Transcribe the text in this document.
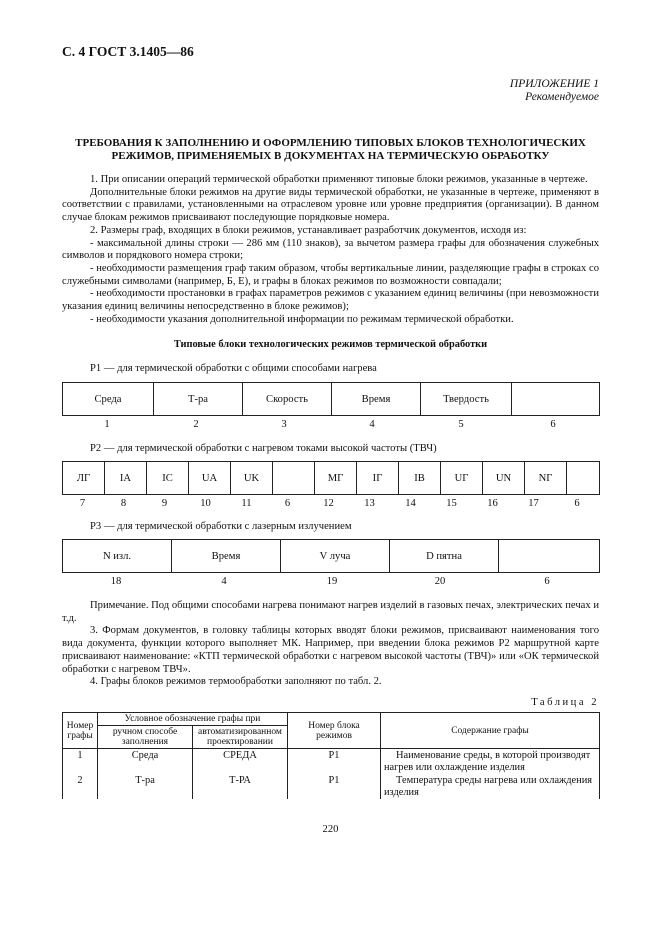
С. 4 ГОСТ 3.1405—86
ПРИЛОЖЕНИЕ 1
Рекомендуемое
ТРЕБОВАНИЯ К ЗАПОЛНЕНИЮ И ОФОРМЛЕНИЮ ТИПОВЫХ БЛОКОВ ТЕХНОЛОГИЧЕСКИХ РЕЖИМОВ, ПРИМЕНЯЕМЫХ В ДОКУМЕНТАХ НА ТЕРМИЧЕСКУЮ ОБРАБОТКУ

1. При описании операций термической обработки применяют типовые блоки режимов, указанные в чертеже.

Дополнительные блоки режимов на другие виды термической обработки, не указанные в чертеже, применяют в соответствии с правилами, установленными на отраслевом уровне или уровне предприятия (организации). В данном случае блокам режимов присваивают последующие порядковые номера.

2. Размеры граф, входящих в блоки режимов, устанавливает разработчик документов, исходя из:

- максимальной длины строки — 286 мм (110 знаков), за вычетом размера графы для обозначения служебных символов и порядкового номера строки;

- необходимости размещения граф таким образом, чтобы вертикальные линии, разделяющие графы в строках со служебными символами (например, Б, Е), и графы в блоках режимов по возможности совпадали;

- необходимости простановки в графах параметров режимов с указанием единиц величины (при невозможности указания единиц величины непосредственно в блоке режимов);

- необходимости указания дополнительной информации по режимам термической обработки.

Типовые блоки технологических режимов термической обработки
Р1 — для термической обработки с общими способами нагрева
Среда	Т-ра	Скорость	Время	Твердость	
1	2	3	4	5	6
Р2 — для термической обработки с нагревом токами высокой частоты (ТВЧ)
ЛГ	IA	IC	UA	UK		MГ	IГ	IB	UГ	UN	NГ	
7	8	9	10	11	6	12	13	14	15	16	17	6
Р3 — для термической обработки с лазерным излучением
N изл.	Время	V луча	D пятна	
18	4	19	20	6

Примечание. Под общими способами нагрева понимают нагрев изделий в газовых печах, электрических печах и т.д.

3. Формам документов, в головку таблицы которых вводят блоки режимов, присваивают наименования того вида документа, функции которого выполняет МК. Например, при введении блока режимов Р2 маршрутной карте присваивают наименование: «КТП термической обработки с нагревом высокой частоты (ТВЧ)» или «ОК термической обработки с нагревом ТВЧ».

4. Графы блоков режимов термообработки заполняют по табл. 2.

Таблица 2
Номер графы	Условное обозначение графы при		Номер блока режимов	Содержание графы
	ручном способе заполнения	автоматизированном проектировании		
1	Среда	СРЕДА	Р1	Наименование среды, в которой производят нагрев или охлаждение изделия
2	Т-ра	Т-РА	Р1	Температура среды нагрева или охлаждения изделия
220
